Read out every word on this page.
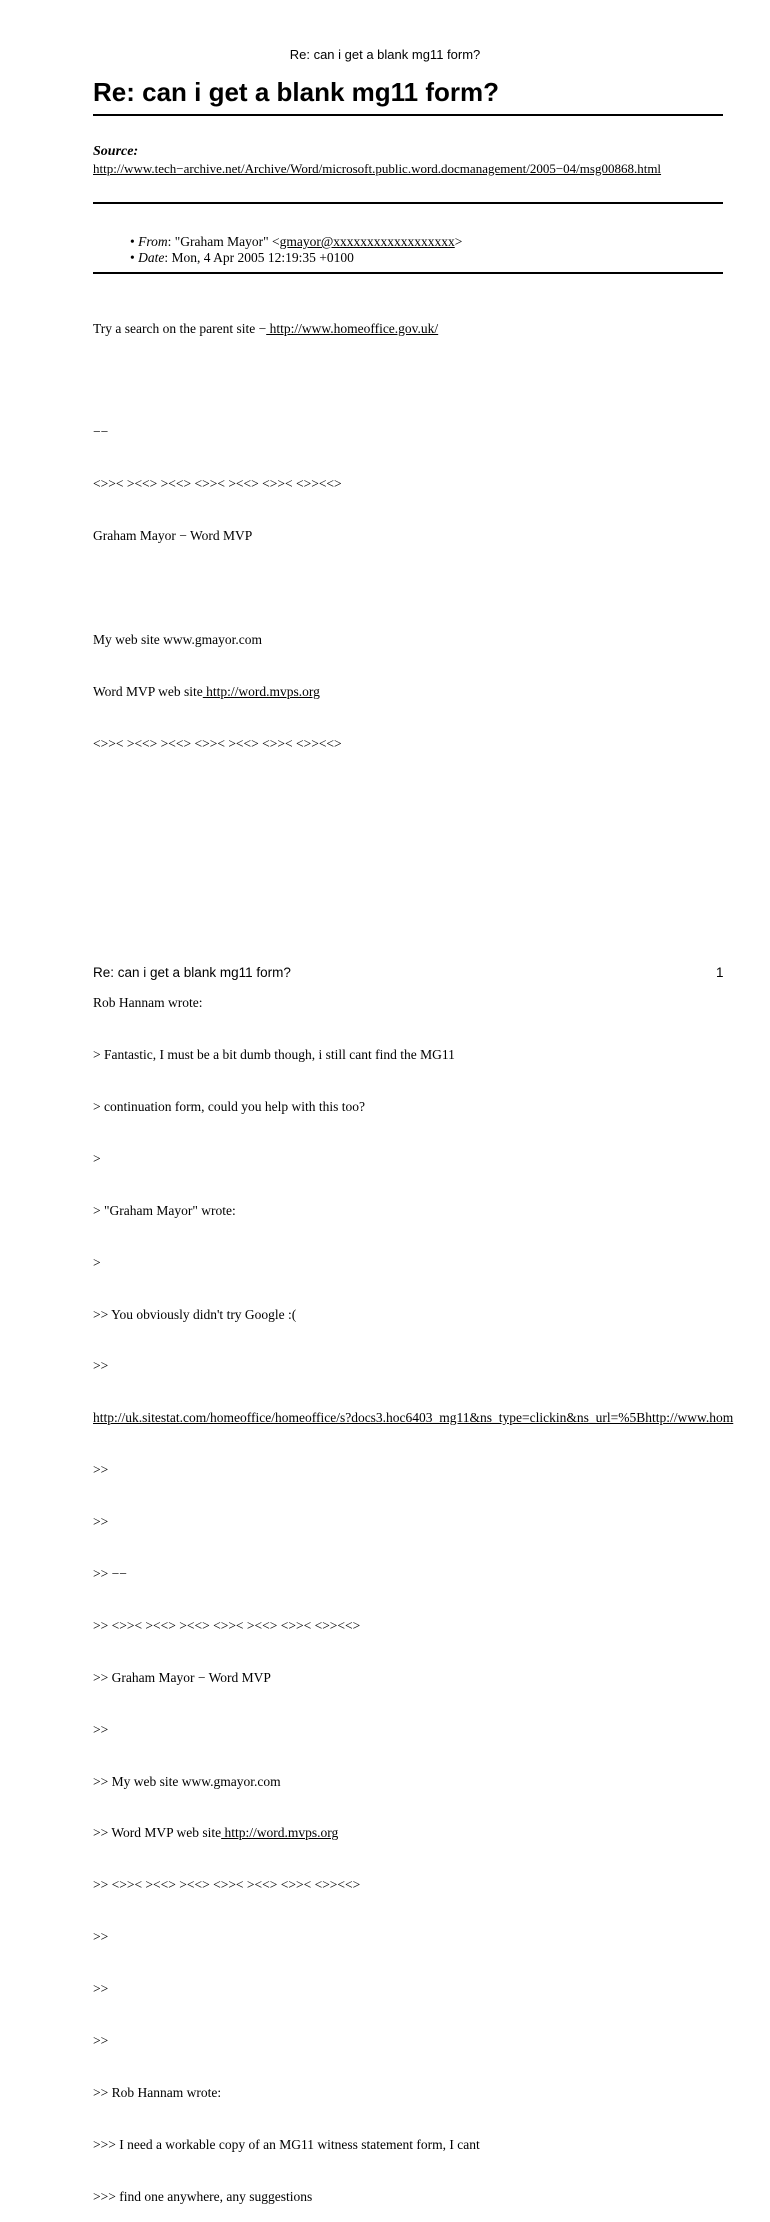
Re: can i get a blank mg11 form?
Re: can i get a blank mg11 form?
Source:
http://www.tech−archive.net/Archive/Word/microsoft.public.word.docmanagement/2005−04/msg00868.html
• From: "Graham Mayor" <gmayor@xxxxxxxxxxxxxxxxxx>
• Date: Mon, 4 Apr 2005 12:19:35 +0100

Try a search on the parent site − http://www.homeoffice.gov.uk/

−−

<>>< ><<> ><<> <>>< ><<> <>>< <>><<>

Graham Mayor − Word MVP

My web site www.gmayor.com

Word MVP web site http://word.mvps.org

<>>< ><<> ><<> <>>< ><<> <>>< <>><<>

Rob Hannam wrote:

> Fantastic, I must be a bit dumb though, i still cant find the MG11

> continuation form, could you help with this too?

>

> "Graham Mayor" wrote:

>

>> You obviously didn't try Google :(

>>

http://uk.sitestat.com/homeoffice/homeoffice/s?docs3.hoc6403_mg11&ns_type=clickin&ns_url=%5Bhttp://www.hom

>>

>>

>> −−

>> <>>< ><<> ><<> <>>< ><<> <>>< <>><<>

>> Graham Mayor − Word MVP

>>

>> My web site www.gmayor.com

>> Word MVP web site http://word.mvps.org

>> <>>< ><<> ><<> <>>< ><<> <>>< <>><<>

>>

>>

>>

>> Rob Hannam wrote:

>>> I need a workable copy of an MG11 witness statement form, I cant

>>> find one anywhere, any suggestions

Re: can i get a blank mg11 form?	1
